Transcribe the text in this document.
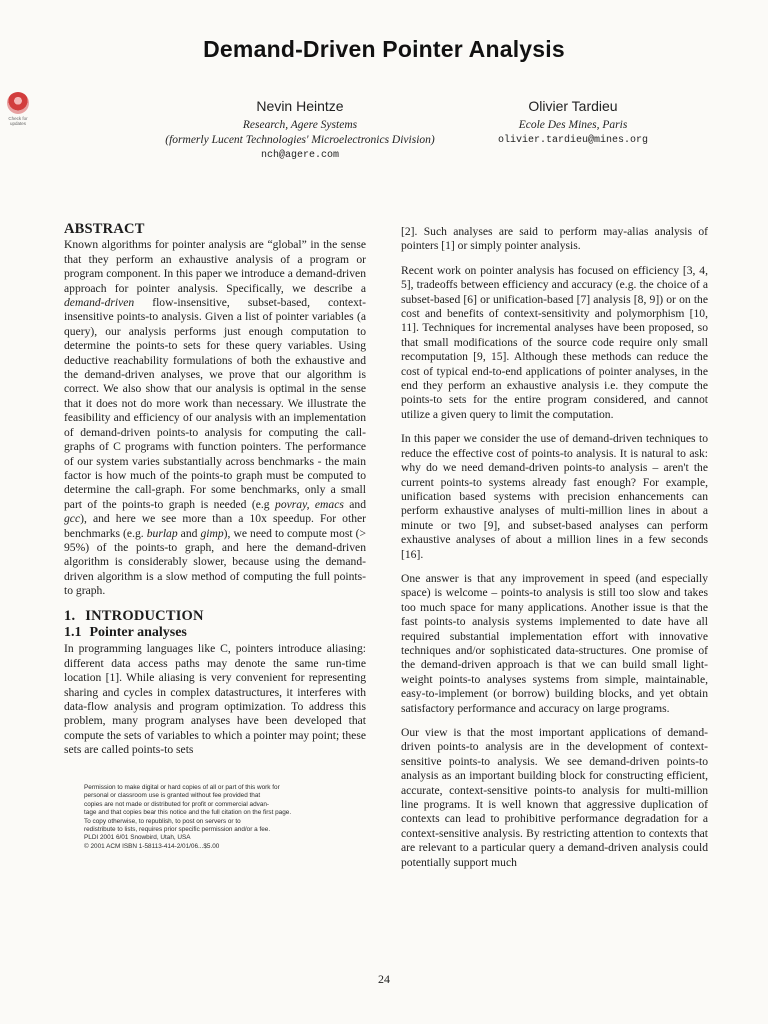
Demand-Driven Pointer Analysis
Check for updates
Nevin Heintze
Research, Agere Systems
(formerly Lucent Technologies' Microelectronics Division)
nch@agere.com
Olivier Tardieu
Ecole Des Mines, Paris
olivier.tardieu@mines.org
ABSTRACT

Known algorithms for pointer analysis are “global” in the sense that they perform an exhaustive analysis of a program or program component. In this paper we introduce a demand-driven approach for pointer analysis. Specifically, we describe a demand-driven flow-insensitive, subset-based, context-insensitive points-to analysis. Given a list of pointer variables (a query), our analysis performs just enough computation to determine the points-to sets for these query variables. Using deductive reachability formulations of both the exhaustive and the demand-driven analyses, we prove that our algorithm is correct. We also show that our analysis is optimal in the sense that it does not do more work than necessary. We illustrate the feasibility and efficiency of our analysis with an implementation of demand-driven points-to analysis for computing the call-graphs of C programs with function pointers. The performance of our system varies substantially across benchmarks - the main factor is how much of the points-to graph must be computed to determine the call-graph. For some benchmarks, only a small part of the points-to graph is needed (e.g povray, emacs and gcc), and here we see more than a 10x speedup. For other benchmarks (e.g. burlap and gimp), we need to compute most (> 95%) of the points-to graph, and here the demand-driven algorithm is considerably slower, because using the demand-driven algorithm is a slow method of computing the full points-to graph.

1. INTRODUCTION
1.1 Pointer analyses

In programming languages like C, pointers introduce aliasing: different data access paths may denote the same run-time location [1]. While aliasing is very convenient for representing sharing and cycles in complex datastructures, it interferes with data-flow analysis and program optimization. To address this problem, many program analyses have been developed that compute the sets of variables to which a pointer may point; these sets are called points-to sets

[2]. Such analyses are said to perform may-alias analysis of pointers [1] or simply pointer analysis.

Recent work on pointer analysis has focused on efficiency [3, 4, 5], tradeoffs between efficiency and accuracy (e.g. the choice of a subset-based [6] or unification-based [7] analysis [8, 9]) or on the cost and benefits of context-sensitivity and polymorphism [10, 11]. Techniques for incremental analyses have been proposed, so that small modifications of the source code require only small recomputation [9, 15]. Although these methods can reduce the cost of typical end-to-end applications of pointer analyses, in the end they perform an exhaustive analysis i.e. they compute the points-to sets for the entire program considered, and cannot utilize a given query to limit the computation.

In this paper we consider the use of demand-driven techniques to reduce the effective cost of points-to analysis. It is natural to ask: why do we need demand-driven points-to analysis – aren't the current points-to systems already fast enough? For example, unification based systems with precision enhancements can perform exhaustive analyses of multi-million lines in about a minute or two [9], and subset-based analyses can perform exhaustive analyses of about a million lines in a few seconds [16].

One answer is that any improvement in speed (and especially space) is welcome – points-to analysis is still too slow and takes too much space for many applications. Another issue is that the fast points-to analysis systems implemented to date have all required substantial implementation effort with innovative techniques and/or sophisticated data-structures. One promise of the demand-driven approach is that we can build small light-weight points-to analyses systems from simple, maintainable, easy-to-implement (or borrow) building blocks, and yet obtain satisfactory performance and accuracy on large programs.

Our view is that the most important applications of demand-driven points-to analysis are in the development of context-sensitive points-to analysis. We see demand-driven points-to analysis as an important building block for constructing efficient, accurate, context-sensitive points-to analysis for multi-million line programs. It is well known that aggressive duplication of contexts can lead to prohibitive performance degradation for a context-sensitive analysis. By restricting attention to contexts that are relevant to a particular query a demand-driven analysis could potentially support much

Permission to make digital or hard copies of all or part of this work for
personal or classroom use is granted without fee provided that
copies are not made or distributed for profit or commercial advan-
tage and that copies bear this notice and the full citation on the first page.
To copy otherwise, to republish, to post on servers or to
redistribute to lists, requires prior specific permission and/or a fee.
PLDI 2001 6/01 Snowbird, Utah, USA
© 2001 ACM ISBN 1-58113-414-2/01/06...$5.00
24
